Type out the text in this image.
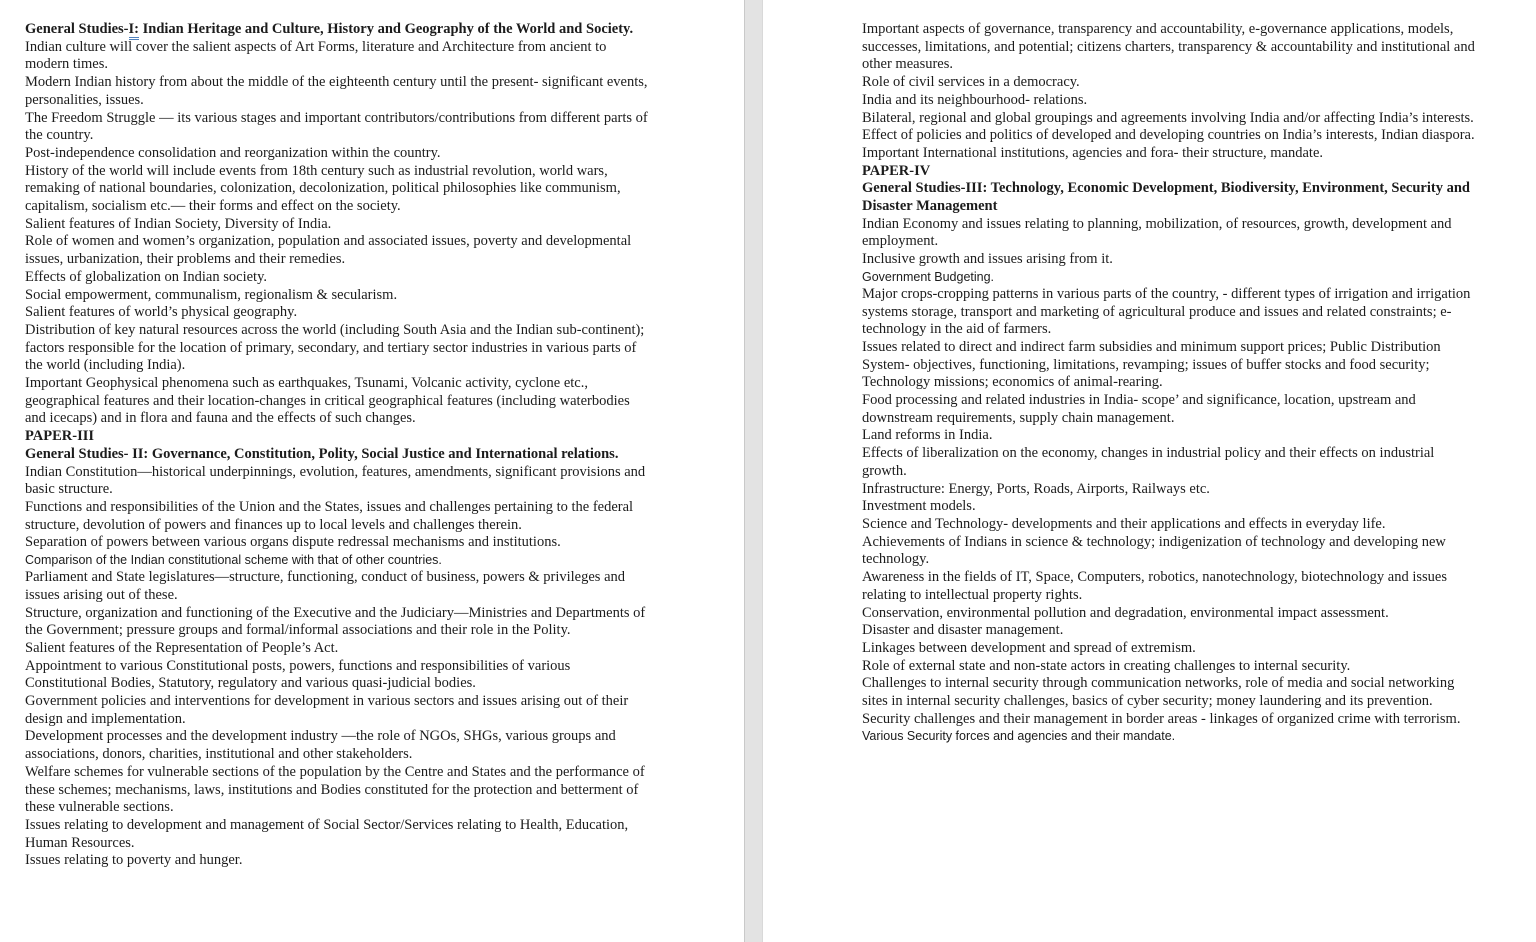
General Studies-I: Indian Heritage and Culture, History and Geography of the World and Society.
Indian culture will cover the salient aspects of Art Forms, literature and Architecture from ancient to modern times.
Modern Indian history from about the middle of the eighteenth century until the present- significant events, personalities, issues.
The Freedom Struggle — its various stages and important contributors/contributions from different parts of the country.
Post-independence consolidation and reorganization within the country.
History of the world will include events from 18th century such as industrial revolution, world wars, remaking of national boundaries, colonization, decolonization, political philosophies like communism, capitalism, socialism etc.— their forms and effect on the society.
Salient features of Indian Society, Diversity of India.
Role of women and women’s organization, population and associated issues, poverty and developmental issues, urbanization, their problems and their remedies.
Effects of globalization on Indian society.
Social empowerment, communalism, regionalism & secularism.
Salient features of world’s physical geography.
Distribution of key natural resources across the world (including South Asia and the Indian sub-continent); factors responsible for the location of primary, secondary, and tertiary sector industries in various parts of the world (including India).
Important Geophysical phenomena such as earthquakes, Tsunami, Volcanic activity, cyclone etc., geographical features and their location-changes in critical geographical features (including waterbodies and icecaps) and in flora and fauna and the effects of such changes.
PAPER-III
General Studies- II: Governance, Constitution, Polity, Social Justice and International relations.
Indian Constitution—historical underpinnings, evolution, features, amendments, significant provisions and basic structure.
Functions and responsibilities of the Union and the States, issues and challenges pertaining to the federal structure, devolution of powers and finances up to local levels and challenges therein.
Separation of powers between various organs dispute redressal mechanisms and institutions.
Comparison of the Indian constitutional scheme with that of other countries.
Parliament and State legislatures—structure, functioning, conduct of business, powers & privileges and issues arising out of these.
Structure, organization and functioning of the Executive and the Judiciary—Ministries and Departments of the Government; pressure groups and formal/informal associations and their role in the Polity.
Salient features of the Representation of People’s Act.
Appointment to various Constitutional posts, powers, functions and responsibilities of various Constitutional Bodies, Statutory, regulatory and various quasi-judicial bodies.
Government policies and interventions for development in various sectors and issues arising out of their design and implementation.
Development processes and the development industry —the role of NGOs, SHGs, various groups and associations, donors, charities, institutional and other stakeholders.
Welfare schemes for vulnerable sections of the population by the Centre and States and the performance of these schemes; mechanisms, laws, institutions and Bodies constituted for the protection and betterment of these vulnerable sections.
Issues relating to development and management of Social Sector/Services relating to Health, Education, Human Resources.
Issues relating to poverty and hunger.
Important aspects of governance, transparency and accountability, e-governance applications, models, successes, limitations, and potential; citizens charters, transparency & accountability and institutional and other measures.
Role of civil services in a democracy.
India and its neighbourhood- relations.
Bilateral, regional and global groupings and agreements involving India and/or affecting India’s interests.
Effect of policies and politics of developed and developing countries on India’s interests, Indian diaspora.
Important International institutions, agencies and fora- their structure, mandate.
PAPER-IV
General Studies-III: Technology, Economic Development, Biodiversity, Environment, Security and Disaster Management
Indian Economy and issues relating to planning, mobilization, of resources, growth, development and employment.
Inclusive growth and issues arising from it.
Government Budgeting.
Major crops-cropping patterns in various parts of the country, - different types of irrigation and irrigation systems storage, transport and marketing of agricultural produce and issues and related constraints; e-technology in the aid of farmers.
Issues related to direct and indirect farm subsidies and minimum support prices; Public Distribution System- objectives, functioning, limitations, revamping; issues of buffer stocks and food security; Technology missions; economics of animal-rearing.
Food processing and related industries in India- scope’ and significance, location, upstream and downstream requirements, supply chain management.
Land reforms in India.
Effects of liberalization on the economy, changes in industrial policy and their effects on industrial growth.
Infrastructure: Energy, Ports, Roads, Airports, Railways etc.
Investment models.
Science and Technology- developments and their applications and effects in everyday life.
Achievements of Indians in science & technology; indigenization of technology and developing new technology.
Awareness in the fields of IT, Space, Computers, robotics, nanotechnology, biotechnology and issues relating to intellectual property rights.
Conservation, environmental pollution and degradation, environmental impact assessment.
Disaster and disaster management.
Linkages between development and spread of extremism.
Role of external state and non-state actors in creating challenges to internal security.
Challenges to internal security through communication networks, role of media and social networking sites in internal security challenges, basics of cyber security; money laundering and its prevention.
Security challenges and their management in border areas - linkages of organized crime with terrorism.
Various Security forces and agencies and their mandate.
